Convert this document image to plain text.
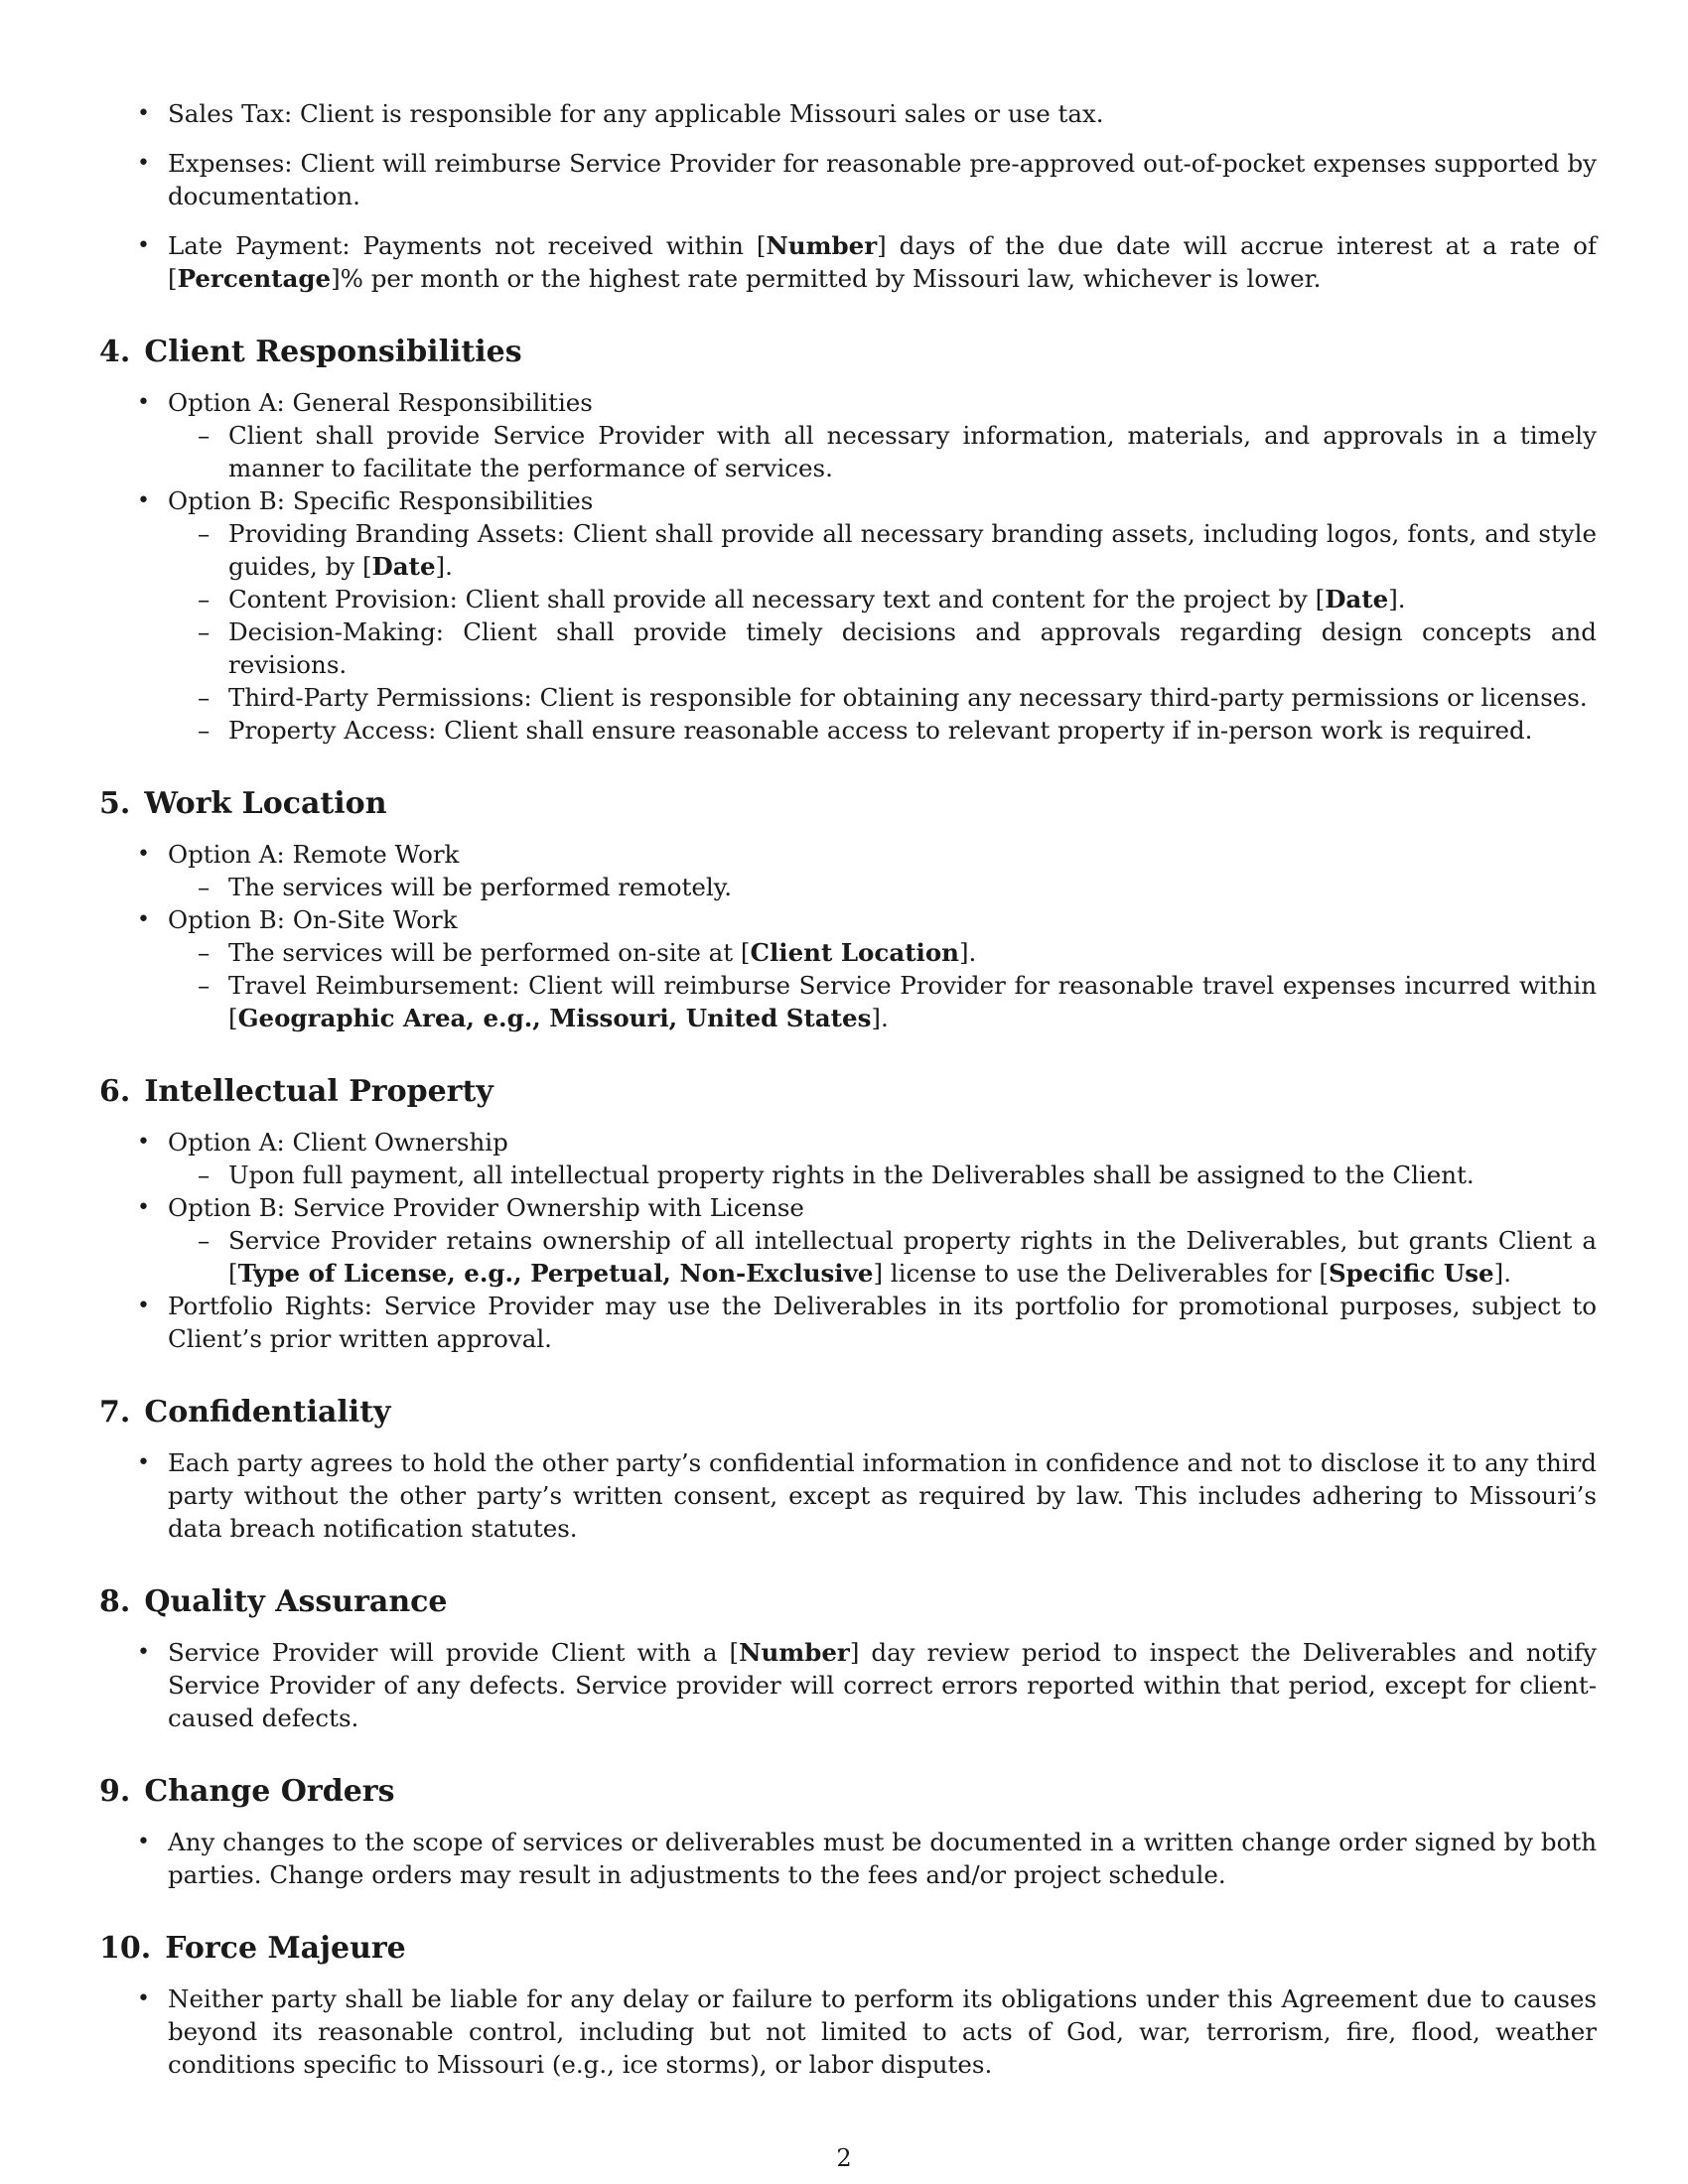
• Sales Tax: Client is responsible for any applicable Missouri sales or use tax.
• Expenses: Client will reimburse Service Provider for reasonable pre-approved out-of-pocket expenses supported by documentation.
• Late Payment: Payments not received within [Number] days of the due date will accrue interest at a rate of [Percentage]% per month or the highest rate permitted by Missouri law, whichever is lower.
4. Client Responsibilities
• Option A: General Responsibilities
– Client shall provide Service Provider with all necessary information, materials, and approvals in a timely manner to facilitate the performance of services.
• Option B: Specific Responsibilities
– Providing Branding Assets: Client shall provide all necessary branding assets, including logos, fonts, and style guides, by [Date].
– Content Provision: Client shall provide all necessary text and content for the project by [Date].
– Decision-Making: Client shall provide timely decisions and approvals regarding design concepts and revisions.
– Third-Party Permissions: Client is responsible for obtaining any necessary third-party permissions or licenses.
– Property Access: Client shall ensure reasonable access to relevant property if in-person work is required.
5. Work Location
• Option A: Remote Work
– The services will be performed remotely.
• Option B: On-Site Work
– The services will be performed on-site at [Client Location].
– Travel Reimbursement: Client will reimburse Service Provider for reasonable travel expenses incurred within [Geographic Area, e.g., Missouri, United States].
6. Intellectual Property
• Option A: Client Ownership
– Upon full payment, all intellectual property rights in the Deliverables shall be assigned to the Client.
• Option B: Service Provider Ownership with License
– Service Provider retains ownership of all intellectual property rights in the Deliverables, but grants Client a [Type of License, e.g., Perpetual, Non-Exclusive] license to use the Deliverables for [Specific Use].
• Portfolio Rights: Service Provider may use the Deliverables in its portfolio for promotional purposes, subject to Client’s prior written approval.
7. Confidentiality
• Each party agrees to hold the other party’s confidential information in confidence and not to disclose it to any third party without the other party’s written consent, except as required by law. This includes adhering to Missouri’s data breach notification statutes.
8. Quality Assurance
• Service Provider will provide Client with a [Number] day review period to inspect the Deliverables and notify Service Provider of any defects. Service provider will correct errors reported within that period, except for client-caused defects.
9. Change Orders
• Any changes to the scope of services or deliverables must be documented in a written change order signed by both parties. Change orders may result in adjustments to the fees and/or project schedule.
10. Force Majeure
• Neither party shall be liable for any delay or failure to perform its obligations under this Agreement due to causes beyond its reasonable control, including but not limited to acts of God, war, terrorism, fire, flood, weather conditions specific to Missouri (e.g., ice storms), or labor disputes.
2
